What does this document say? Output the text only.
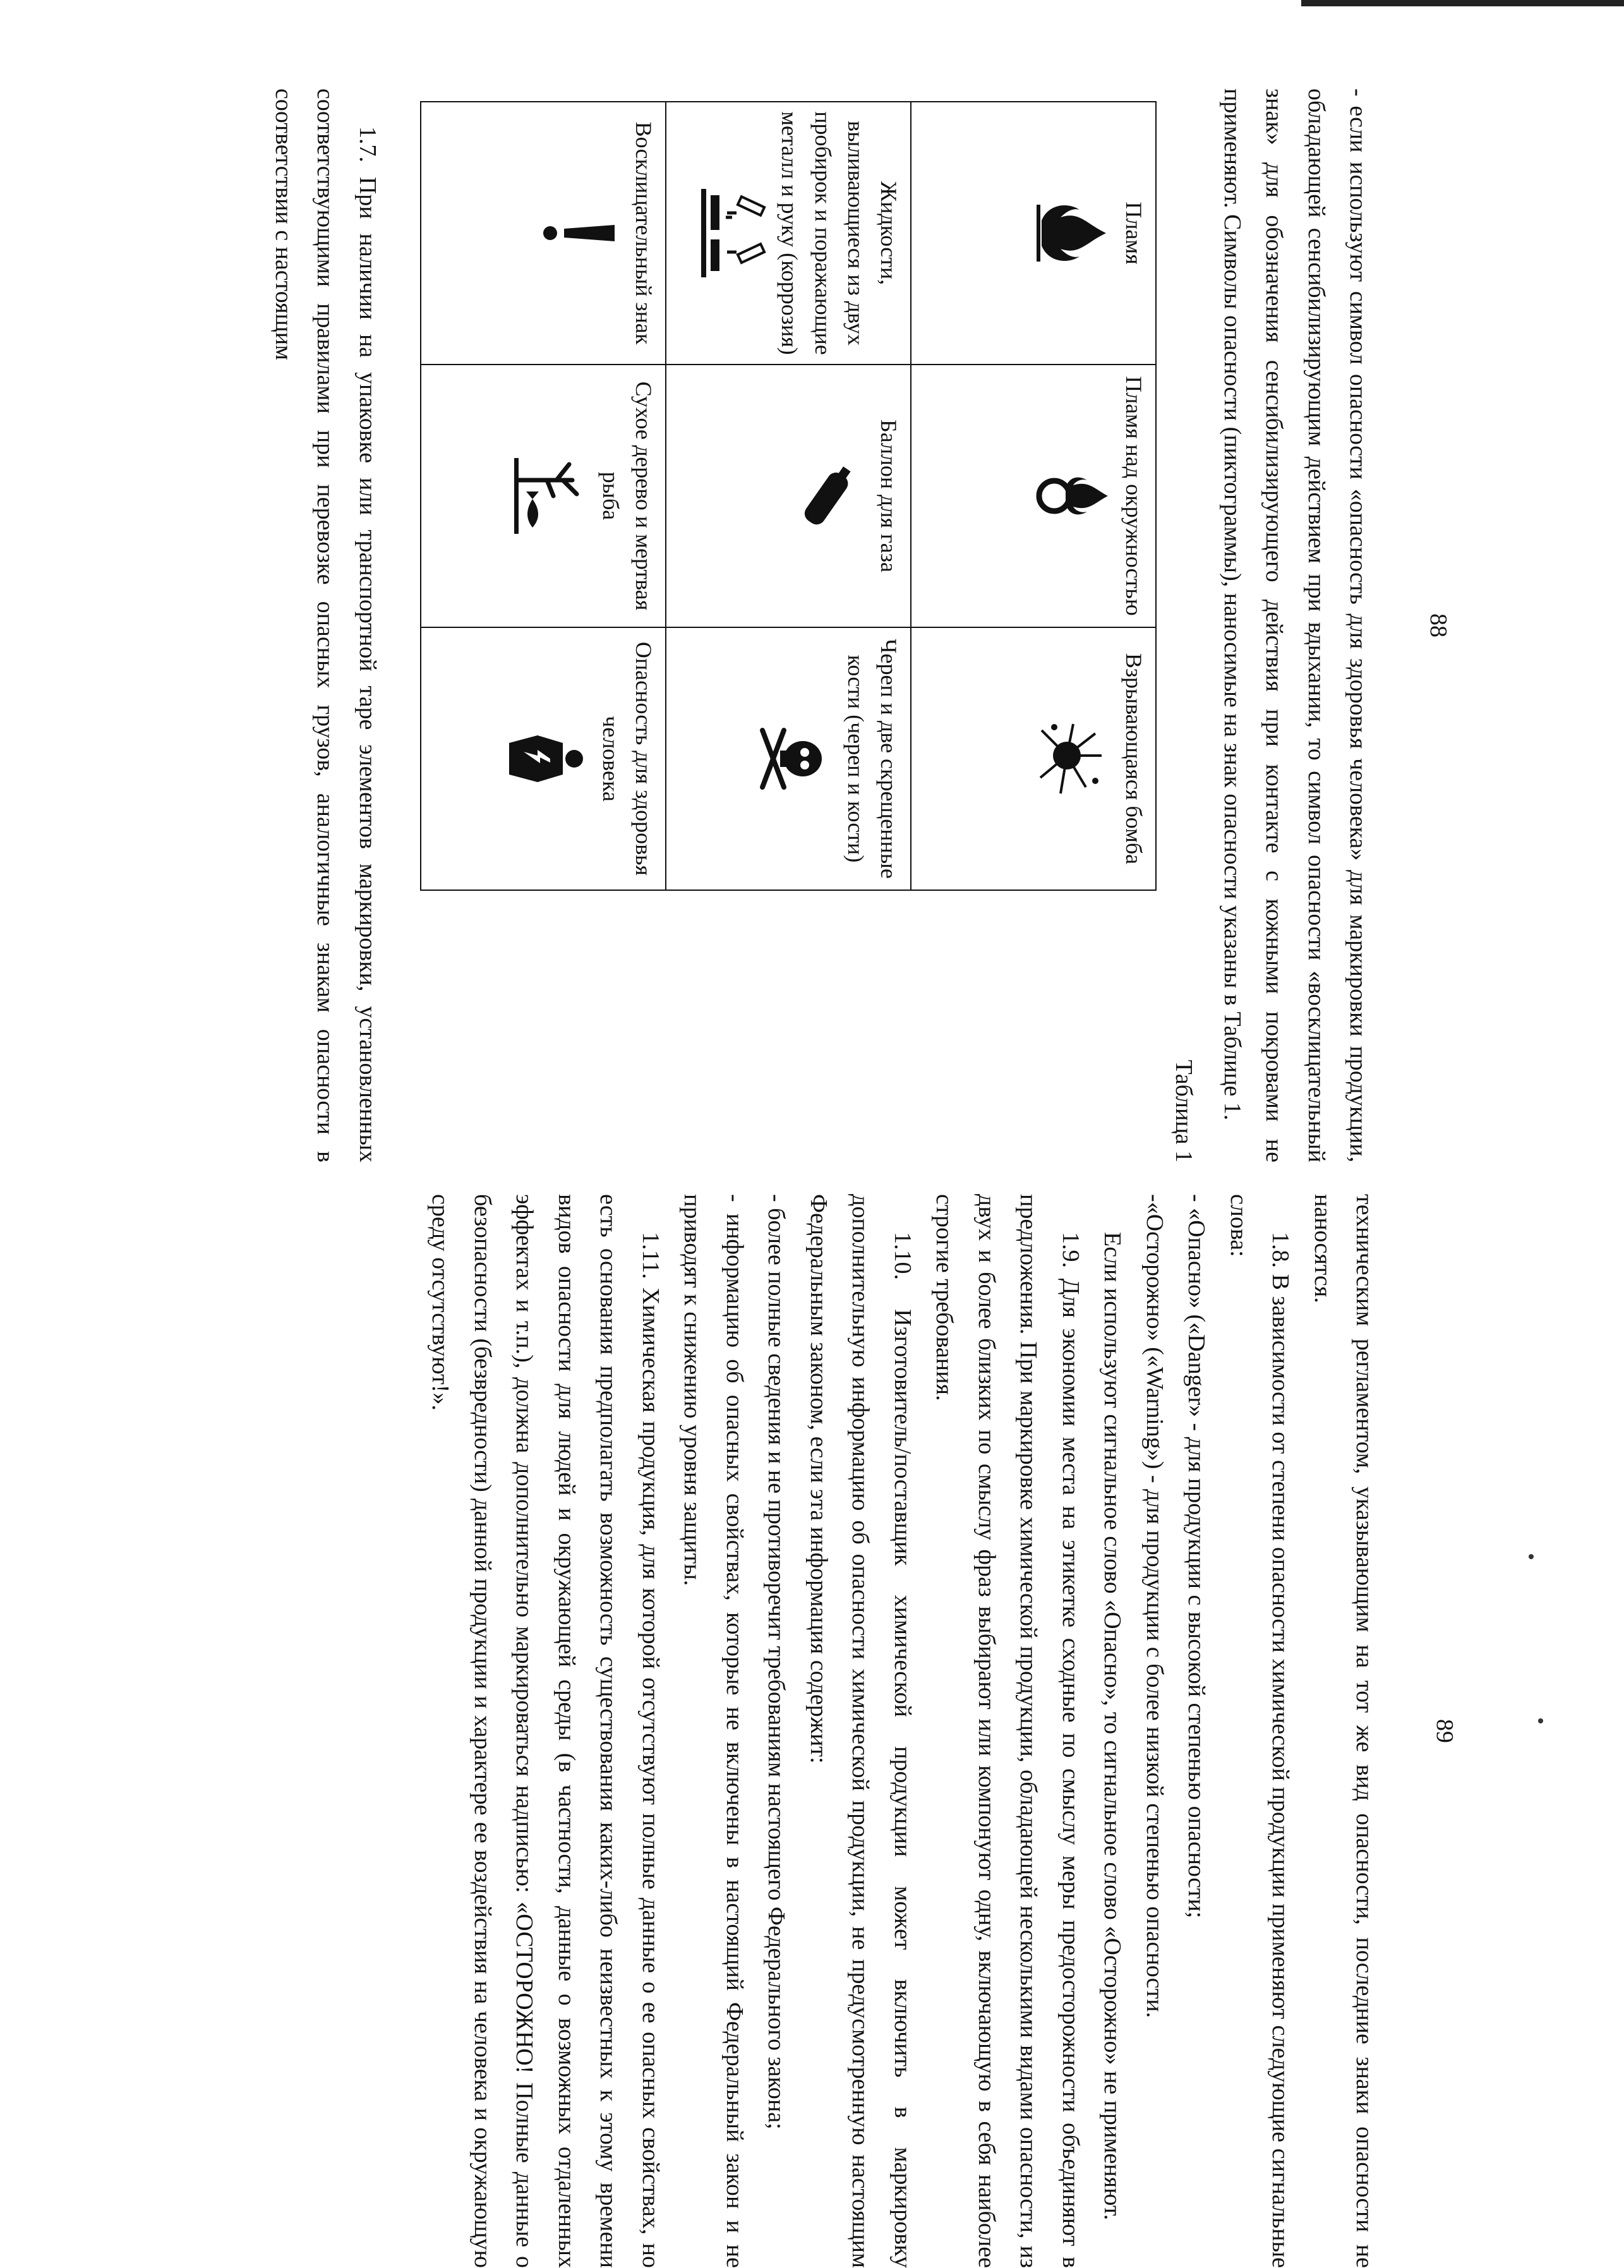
88

- если используют символ опасности «опасность для здоровья человека» для маркировки продукции, обладающей сенсибилизирующим действием при вдыхании, то символ опасности «восклицательный знак» для обозначения сенсибилизирующего действия при контакте с кожными покровами не применяют. Символы опасности (пиктограммы), наносимые на знак опасности указаны в Таблице 1.

Таблица 1

Пламя	Пламя над окружностью	Взрывающаяся бомба

Жидкости, выливающиеся из двух пробирок и поражающие металл и руку (коррозия)	Баллон для газа	Череп и две скрещенные кости (череп и кости)

Восклицательный знак	Сухое дерево и мертвая рыба	Опасность для здоровья человека

1.7. При наличии на упаковке или транспортной таре элементов маркировки, установленных соответствующими правилами при перевозке опасных грузов, аналогичные знакам опасности в соответствии с настоящим

89

техническим регламентом, указывающим на тот же вид опасности, последние знаки опасности не наносятся.

1.8. В зависимости от степени опасности химической продукции применяют следующие сигнальные слова:

- «Опасно» («Danger» - для продукции с высокой степенью опасности;

-«Осторожно» («Warning») - для продукции с более низкой степенью опасности.

Если используют сигнальное слово «Опасно», то сигнальное слово «Осторожно» не применяют.

1.9. Для экономии места на этикетке сходные по смыслу меры предосторожности объединяют в предложения. При маркировке химической продукции, обладающей несколькими видами опасности, из двух и более близких по смыслу фраз выбирают или компонуют одну, включающую в себя наиболее строгие требования.

1.10. Изготовитель/поставщик химической продукции может включить в маркировку дополнительную информацию об опасности химической продукции, не предусмотренную настоящим Федеральным законом, если эта информация содержит:

- более полные сведения и не противоречит требованиям настоящего Федерального закона;

- информацию об опасных свойствах, которые не включены в настоящий Федеральный закон и не приводят к снижению уровня защиты.

1.11. Химическая продукция, для которой отсутствуют полные данные о ее опасных свойствах, но есть основания предполагать возможность существования каких-либо неизвестных к этому времени видов опасности для людей и окружающей среды (в частности, данные о возможных отдаленных эффектах и т.п.), должна дополнительно маркироваться надписью: «ОСТОРОЖНО! Полные данные о безопасности (безвредности) данной продукции и характере ее воздействия на человека и окружающую среду отсутствуют!».
